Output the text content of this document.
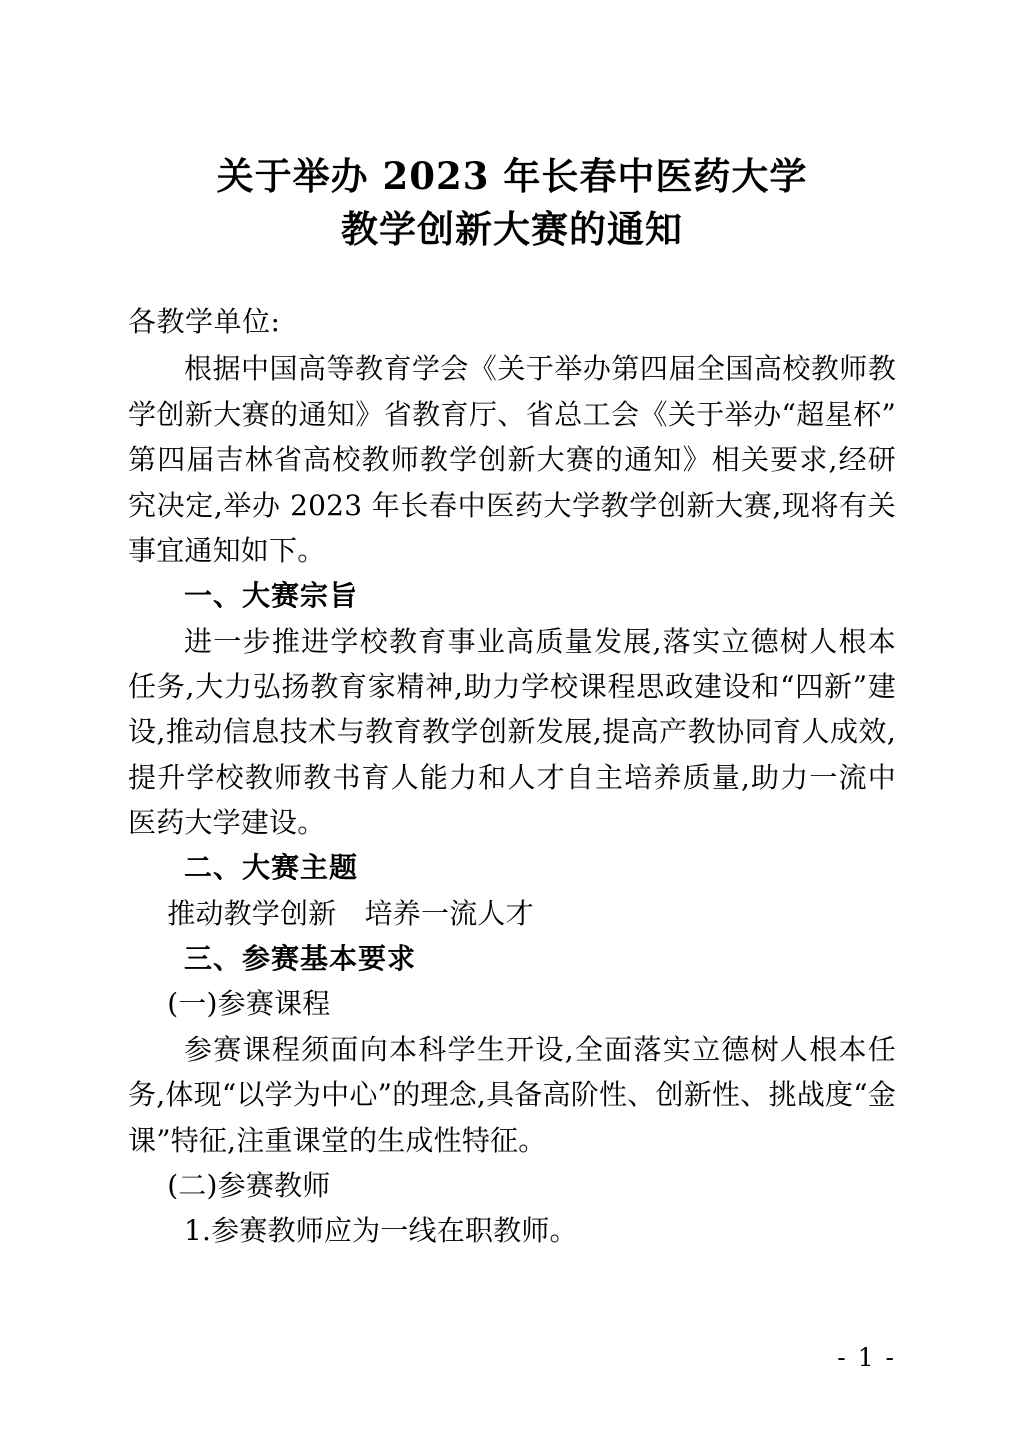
关于举办 2023 年长春中医药大学
教学创新大赛的通知

各教学单位:

根据中国高等教育学会《关于举办第四届全国高校教师教学创新大赛的通知》省教育厅、省总工会《关于举办“超星杯”第四届吉林省高校教师教学创新大赛的通知》相关要求,经研究决定,举办 2023 年长春中医药大学教学创新大赛,现将有关事宜通知如下。

一、大赛宗旨

进一步推进学校教育事业高质量发展,落实立德树人根本任务,大力弘扬教育家精神,助力学校课程思政建设和“四新”建设,推动信息技术与教育教学创新发展,提高产教协同育人成效,提升学校教师教书育人能力和人才自主培养质量,助力一流中医药大学建设。

二、大赛主题

推动教学创新　培养一流人才

三、参赛基本要求

(一)参赛课程

参赛课程须面向本科学生开设,全面落实立德树人根本任务,体现“以学为中心”的理念,具备高阶性、创新性、挑战度“金课”特征,注重课堂的生成性特征。

(二)参赛教师

1.参赛教师应为一线在职教师。

- 1 -
